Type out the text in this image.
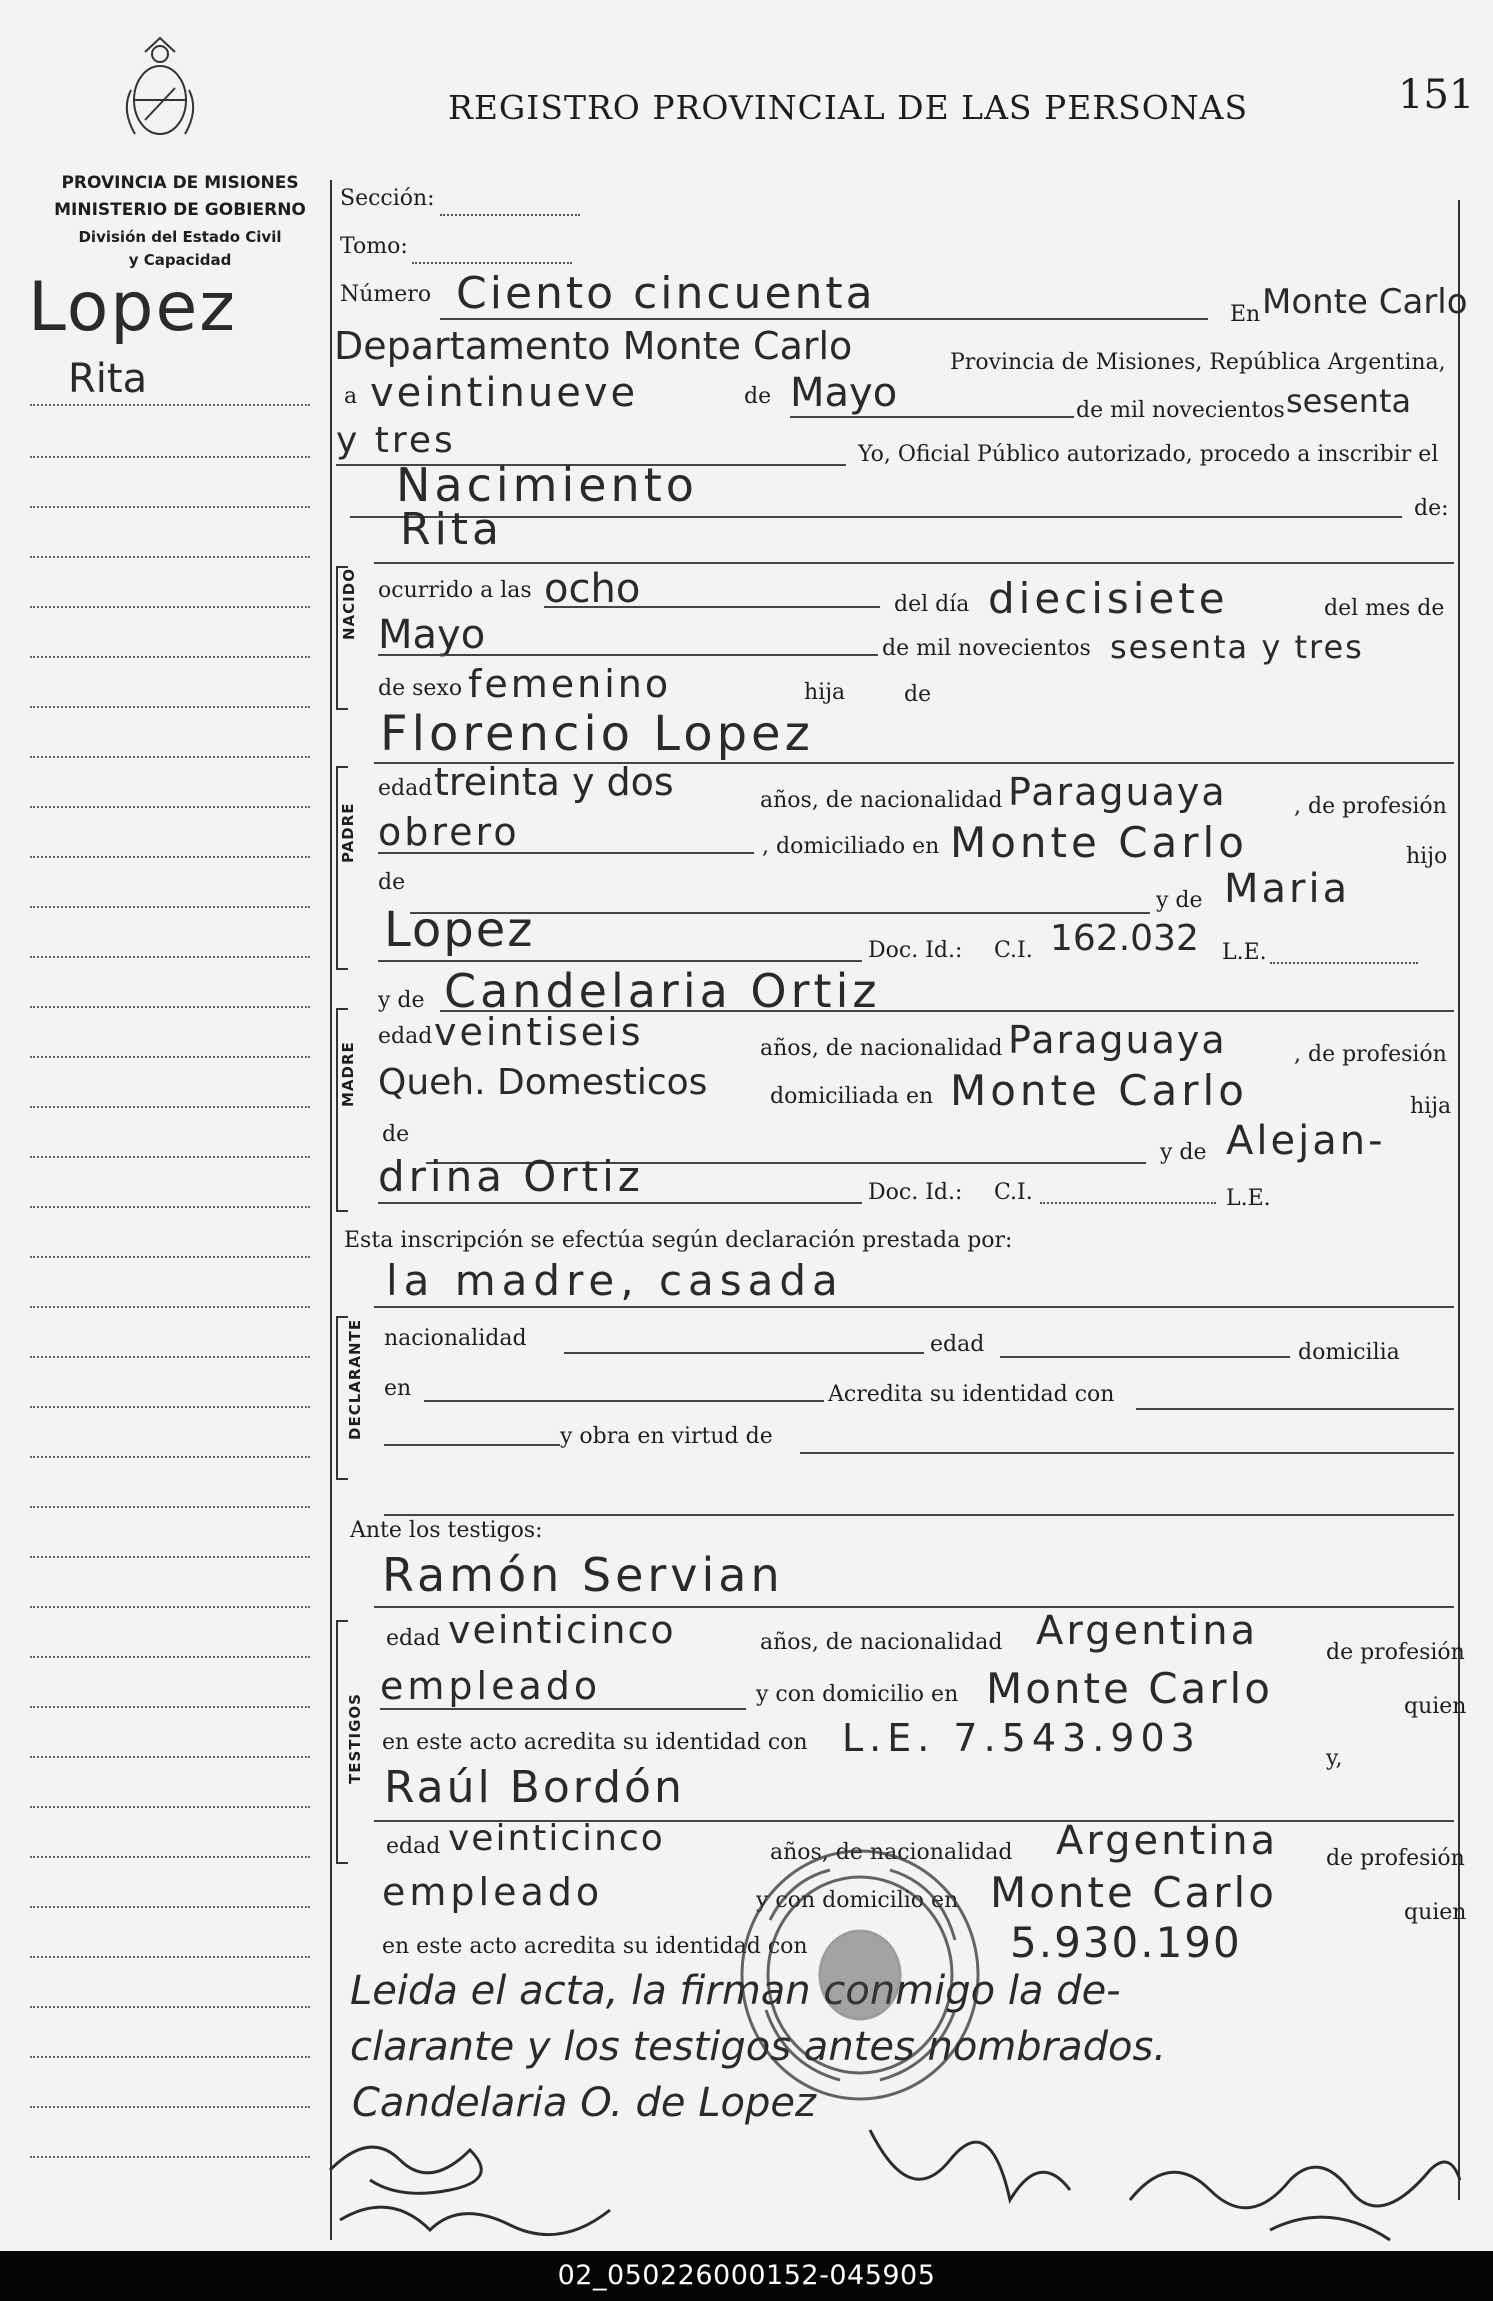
PROVINCIA DE MISIONES
MINISTERIO DE GOBIERNO
División del Estado Civil
y Capacidad
REGISTRO PROVINCIAL DE LAS PERSONAS	151
Lopez
Rita
Sección:
Tomo:
Número Ciento cincuenta	En Monte Carlo
Departamento Monte Carlo	Provincia de Misiones, República Argentina,
a veintinueve	de Mayo	de mil novecientos sesenta
y tres	Yo, Oficial Público autorizado, procedo a inscribir el
Nacimiento	de:
NACIDO
Rita
ocurrido a las ocho	del día diecisiete	del mes de
Mayo	de mil novecientos sesenta y tres
de sexo femenino	hija	de
PADRE
Florencio Lopez
edad treinta y dos	años, de nacionalidad Paraguaya	, de profesión
obrero	, domiciliado en Monte Carlo	hijo
de
y de Maria
Lopez	Doc. Id.: C.I. 162.032 L.E.
MADRE
y de Candelaria Ortiz
edad veintiseis	años, de nacionalidad Paraguaya	, de profesión
Queh. Domesticos	domiciliada en Monte Carlo	hija
de
y de Alejan-
drina Ortiz	Doc. Id.: C.I.	L.E.
Esta inscripción se efectúa según declaración prestada por:
la madre, casada
DECLARANTE nacionalidad	edad	domicilia
en	Acredita su identidad con
y obra en virtud de
Ante los testigos:
TESTIGOS
Ramón Servian
edad veinticinco	años, de nacionalidad Argentina	de profesión
empleado	y con domicilio en Monte Carlo	quien
en este acto acredita su identidad con L.E. 7.543.903	y,
Raúl Bordón
edad veinticinco	años, de nacionalidad Argentina de profesión
empleado	y con domicilio en Monte Carlo	quien
en este acto acredita su identidad con	5.930.190
Leida el acta, la firman conmigo la de-
clarante y los testigos antes nombrados.
Candelaria O. de Lopez
02_050226000152-045905
